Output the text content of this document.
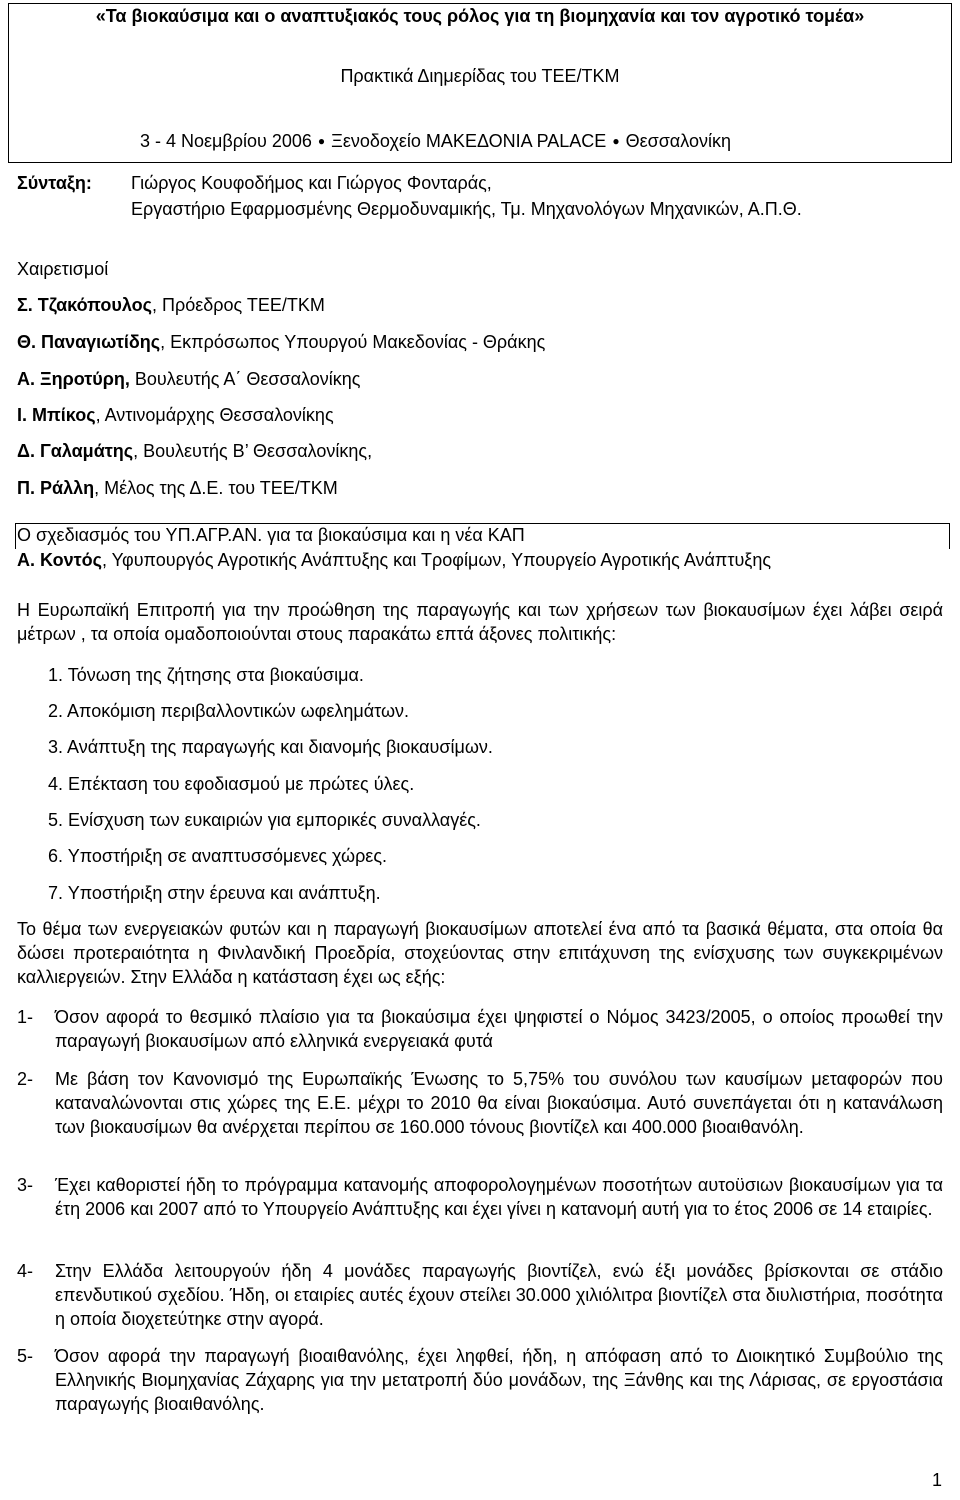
«Τα βιοκαύσιμα και ο αναπτυξιακός τους ρόλος για τη βιομηχανία και τον αγροτικό τομέα»
Πρακτικά Διημερίδας του ΤΕΕ/ΤΚΜ
3 - 4 Νοεμβρίου 2006 ● Ξενοδοχείο ΜΑΚΕΔΟΝΙΑ PALACE ● Θεσσαλονίκη
Σύνταξη: Γιώργος Κουφοδήμος και Γιώργος Φονταράς,
Εργαστήριο Εφαρμοσμένης Θερμοδυναμικής, Τμ. Μηχανολόγων Μηχανικών, Α.Π.Θ.
Χαιρετισμοί
Σ. Τζακόπουλος, Πρόεδρος ΤΕΕ/ΤΚΜ
Θ. Παναγιωτίδης, Εκπρόσωπος Υπουργού Μακεδονίας - Θράκης
Α. Ξηροτύρη, Βουλευτής Α΄ Θεσσαλονίκης
Ι. Μπίκος, Αντινομάρχης Θεσσαλονίκης
Δ. Γαλαμάτης, Βουλευτής Β’ Θεσσαλονίκης,
Π. Ράλλη, Μέλος της Δ.Ε. του ΤΕΕ/ΤΚΜ
Ο σχεδιασμός του ΥΠ.ΑΓΡ.ΑΝ. για τα βιοκαύσιμα και η νέα ΚΑΠ
Α. Κοντός, Υφυπουργός Αγροτικής Ανάπτυξης και Τροφίμων, Υπουργείο Αγροτικής Ανάπτυξης
Η Ευρωπαϊκή Επιτροπή για την προώθηση της παραγωγής και των χρήσεων των βιοκαυσίμων έχει λάβει σειρά μέτρων , τα οποία ομαδοποιούνται στους παρακάτω επτά άξονες πολιτικής:
1. Τόνωση της ζήτησης στα βιοκαύσιμα.
2. Αποκόμιση περιβαλλοντικών ωφελημάτων.
3. Ανάπτυξη της παραγωγής και διανομής βιοκαυσίμων.
4. Επέκταση του εφοδιασμού με πρώτες ύλες.
5. Ενίσχυση των ευκαιριών για εμπορικές συναλλαγές.
6. Υποστήριξη σε αναπτυσσόμενες χώρες.
7. Υποστήριξη στην έρευνα και ανάπτυξη.
Το θέμα των ενεργειακών φυτών και η παραγωγή βιοκαυσίμων αποτελεί ένα από τα βασικά θέματα, στα οποία θα δώσει προτεραιότητα η Φινλανδική Προεδρία, στοχεύοντας στην επιτάχυνση της ενίσχυσης των συγκεκριμένων καλλιεργειών. Στην Ελλάδα η κατάσταση έχει ως εξής:
1- Όσον αφορά το θεσμικό πλαίσιο για τα βιοκαύσιμα έχει ψηφιστεί ο Νόμος 3423/2005, ο οποίος προωθεί την παραγωγή βιοκαυσίμων από ελληνικά ενεργειακά φυτά
2- Με βάση τον Κανονισμό της Ευρωπαϊκής Ένωσης το 5,75% του συνόλου των καυσίμων μεταφορών που καταναλώνονται στις χώρες της Ε.Ε. μέχρι το 2010 θα είναι βιοκαύσιμα. Αυτό συνεπάγεται ότι η κατανάλωση των βιοκαυσίμων θα ανέρχεται περίπου σε 160.000 τόνους βιοντίζελ και 400.000 βιοαιθανόλη.
3- Έχει καθοριστεί ήδη το πρόγραμμα κατανομής αποφορολογημένων ποσοτήτων αυτοϋσιων βιοκαυσίμων για τα έτη 2006 και 2007 από το Υπουργείο Ανάπτυξης και έχει γίνει η κατανομή αυτή για το έτος 2006 σε 14 εταιρίες.
4- Στην Ελλάδα λειτουργούν ήδη 4 μονάδες παραγωγής βιοντίζελ, ενώ έξι μονάδες βρίσκονται σε στάδιο επενδυτικού σχεδίου. Ήδη, οι εταιρίες αυτές έχουν στείλει 30.000 χιλιόλιτρα βιοντίζελ στα διυλιστήρια, ποσότητα η οποία διοχετεύτηκε στην αγορά.
5- Όσον αφορά την παραγωγή βιοαιθανόλης, έχει ληφθεί, ήδη, η απόφαση από το Διοικητικό Συμβούλιο της Ελληνικής Βιομηχανίας Ζάχαρης για την μετατροπή δύο μονάδων, της Ξάνθης και της Λάρισας, σε εργοστάσια παραγωγής βιοαιθανόλης.
1
